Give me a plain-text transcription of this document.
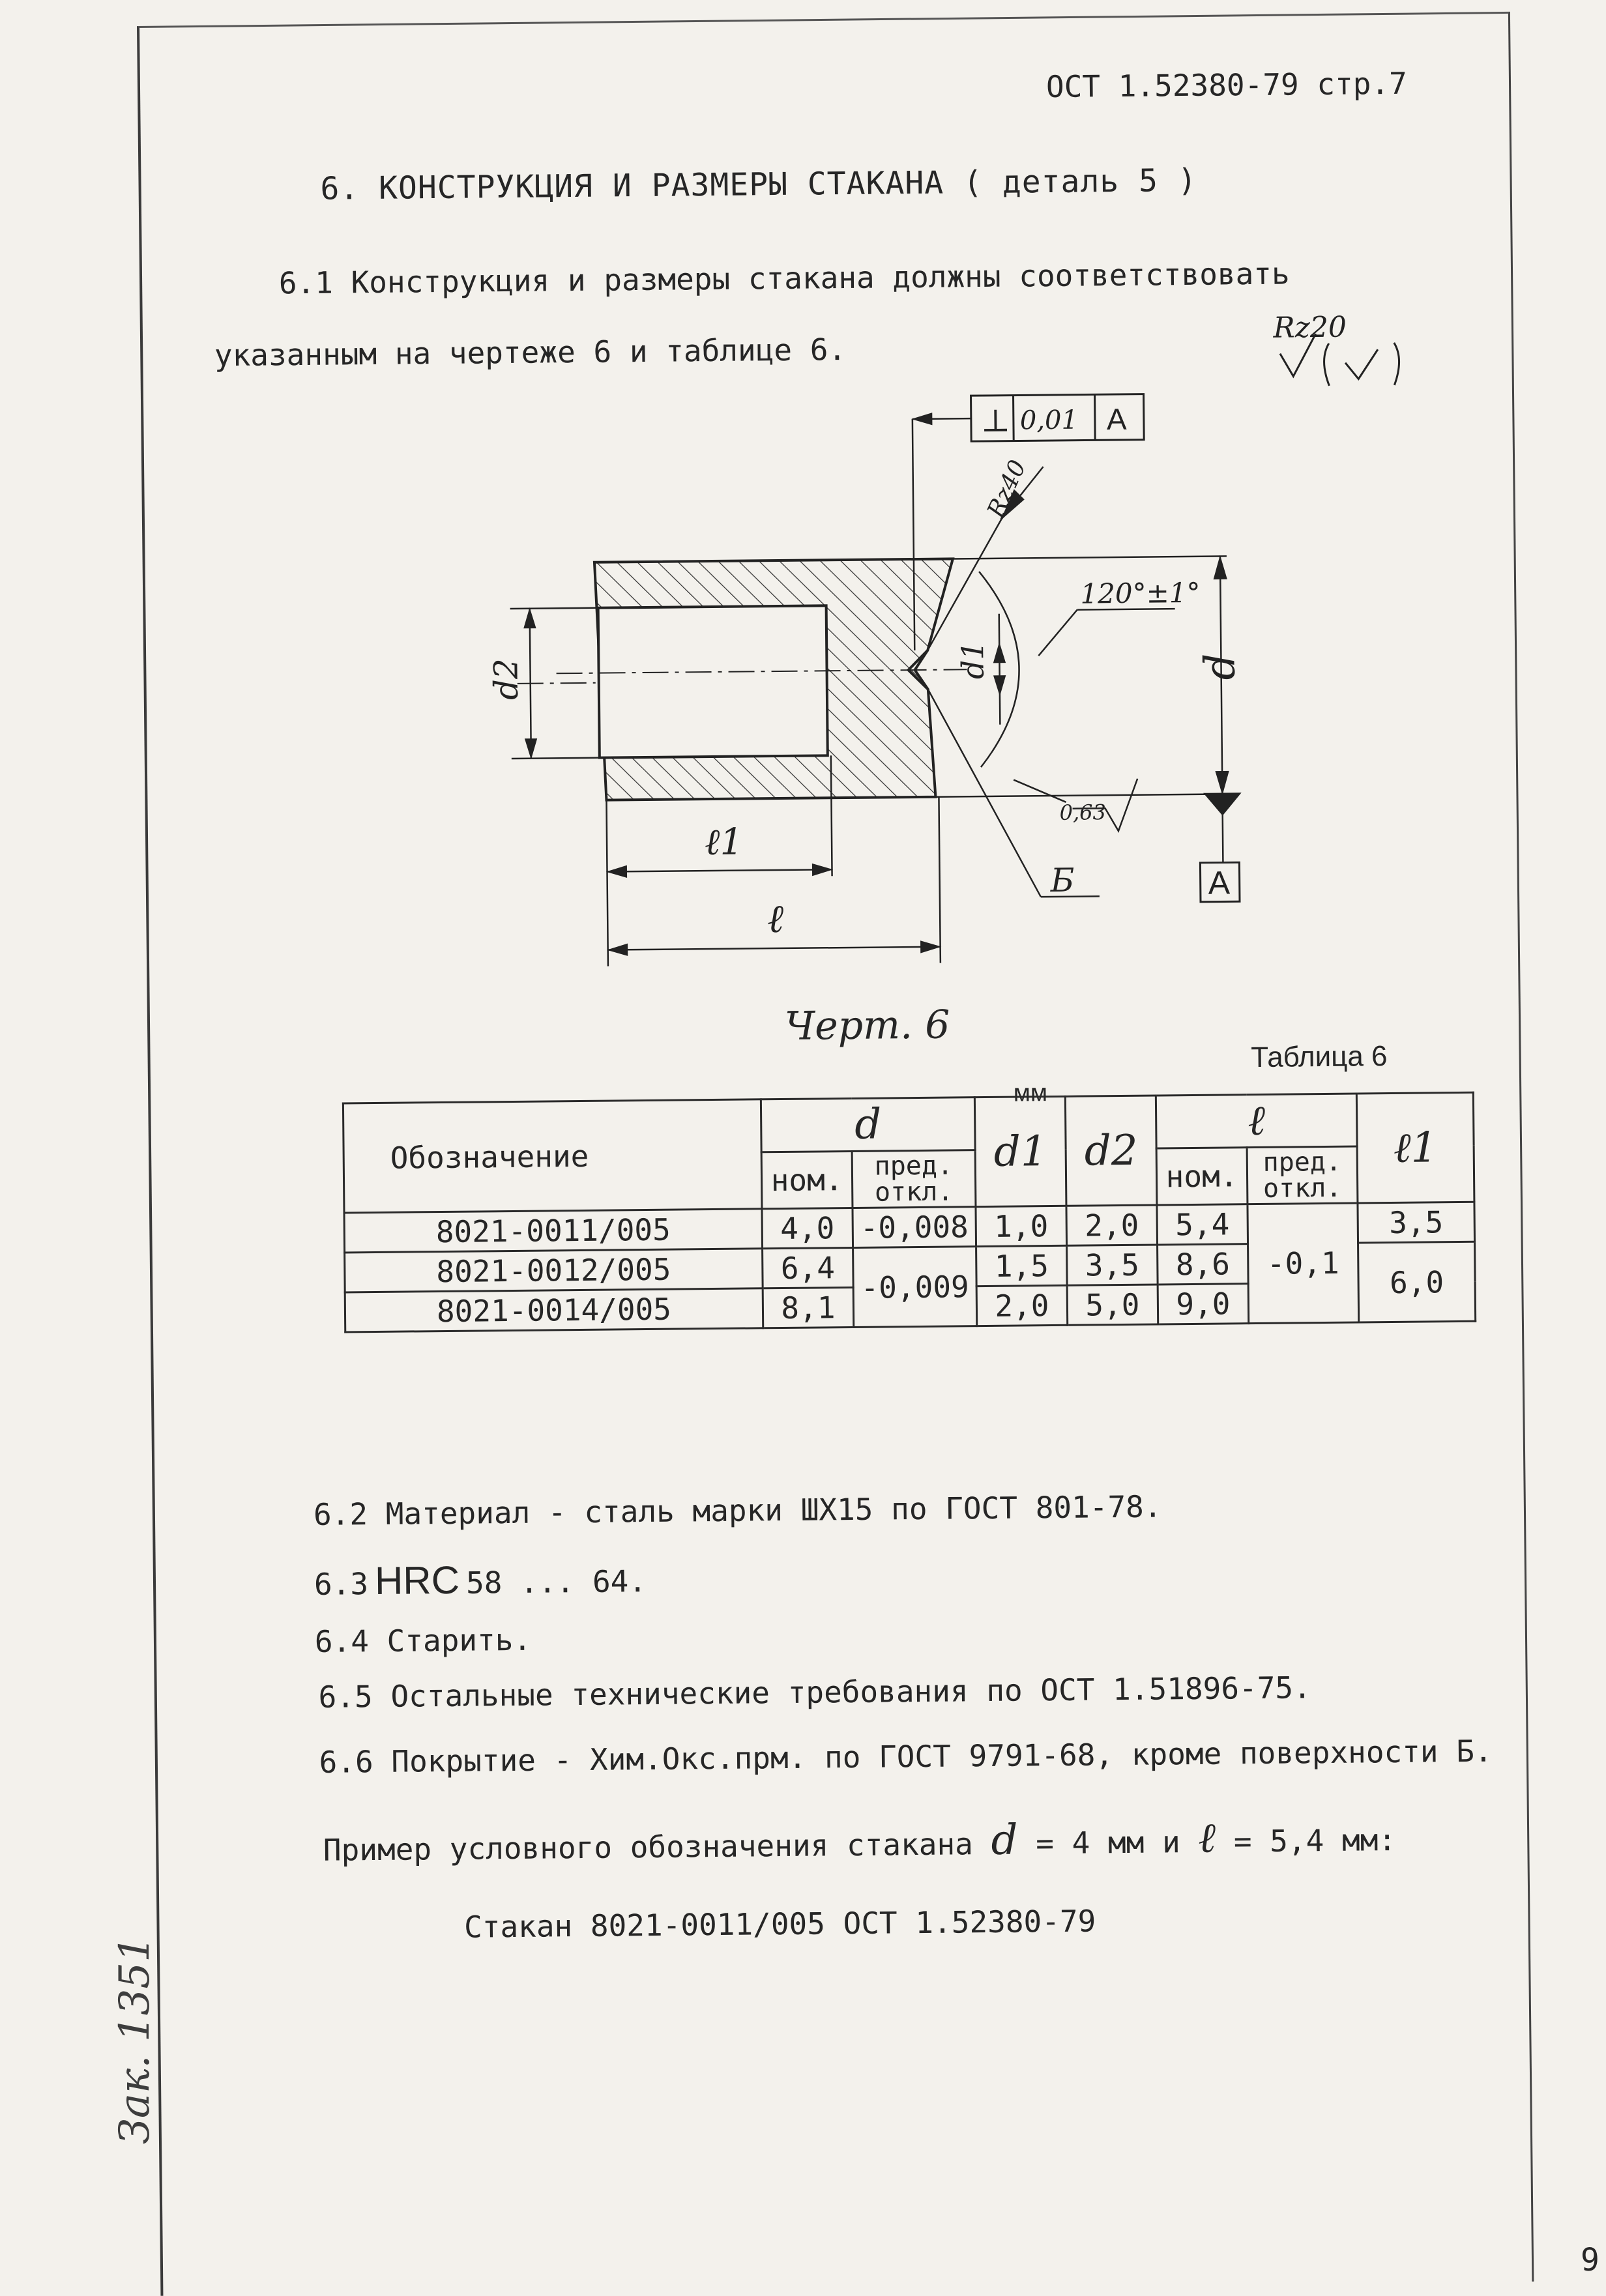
ОСТ 1.52380-79 стр.7
6. КОНСТРУКЦИЯ И РАЗМЕРЫ СТАКАНА ( деталь 5 )
6.1 Конструкция и размеры стакана должны соответствовать
указанным на чертеже 6 и таблице 6.
Rz20
Rz40
⊥ 0,01 A
120°±1°
d
d1
d2
ℓ1
ℓ
Б
0,63
A
Черт. 6
Таблица 6
мм
Обозначение	d		d1	d2	ℓ		ℓ1
	ном.	пред. откл.			ном.	пред. откл.	
8021-0011/005	4,0	-0,008	1,0	2,0	5,4	-0,1	3,5
8021-0012/005	6,4	-0,009	1,5	3,5	8,6		6,0
8021-0014/005	8,1		2,0	5,0	9,0		
6.2 Материал - сталь марки ШХ15 по ГОСТ 801-78.
6.3 HRC 58 ... 64.
6.4 Старить.
6.5 Остальные технические требования по ОСТ 1.51896-75.
6.6 Покрытие - Хим.Окс.прм. по ГОСТ 9791-68, кроме поверхности Б.
Пример условного обозначения стакана d = 4 мм и ℓ = 5,4 мм:
Стакан 8021-0011/005 ОСТ 1.52380-79
Зак. 1351
9
